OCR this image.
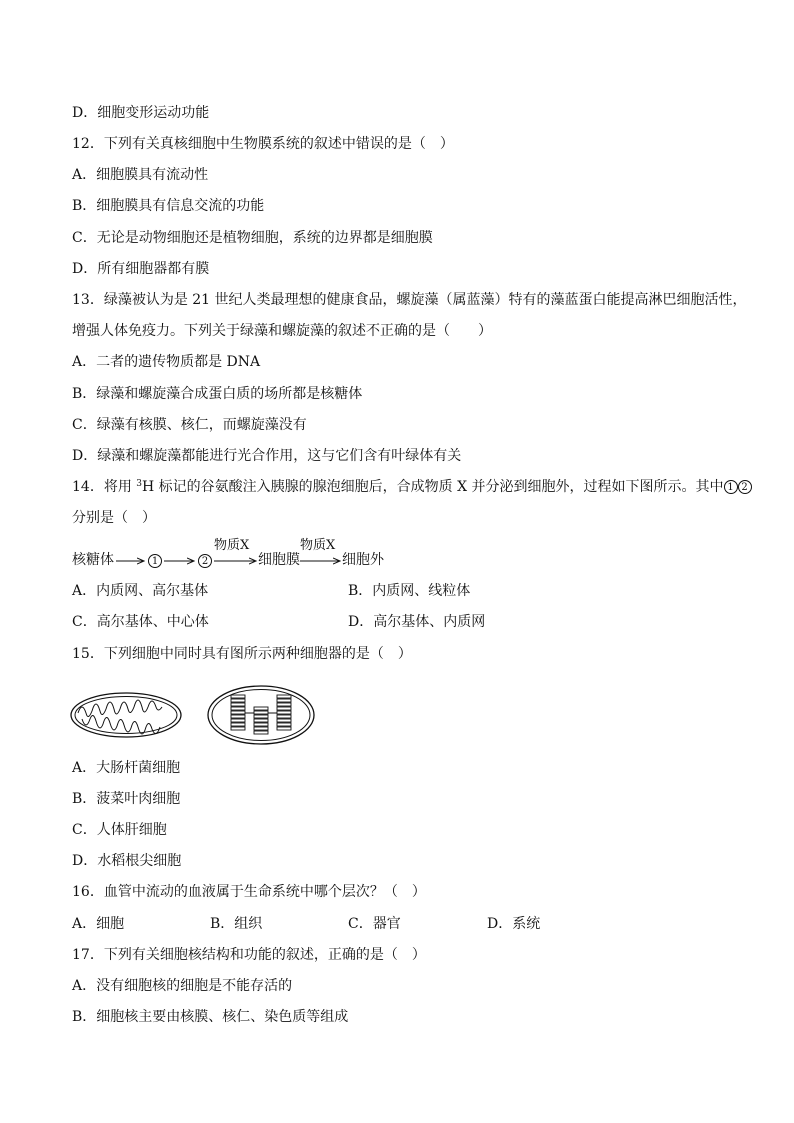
D．细胞变形运动功能
12．下列有关真核细胞中生物膜系统的叙述中错误的是（　）
A．细胞膜具有流动性
B．细胞膜具有信息交流的功能
C．无论是动物细胞还是植物细胞，系统的边界都是细胞膜
D．所有细胞器都有膜
13．绿藻被认为是 21 世纪人类最理想的健康食品，螺旋藻（属蓝藻）特有的藻蓝蛋白能提高淋巴细胞活性，
增强人体免疫力。下列关于绿藻和螺旋藻的叙述不正确的是（　　）
A．二者的遗传物质都是 DNA
B．绿藻和螺旋藻合成蛋白质的场所都是核糖体
C．绿藻有核膜、核仁，而螺旋藻没有
D．绿藻和螺旋藻都能进行光合作用，这与它们含有叶绿体有关
14．将用 $^3$H 标记的谷氨酸注入胰腺的腺泡细胞后，合成物质 X 并分泌到细胞外，过程如下图所示。其中 1 2
分别是（　）
核糖体	1	2
物质X
细胞膜
物质X
细胞外
A．内质网、高尔基体	B．内质网、线粒体
C．高尔基体、中心体	D．高尔基体、内质网
15．下列细胞中同时具有图所示两种细胞器的是（　）
A．大肠杆菌细胞
B．菠菜叶肉细胞
C．人体肝细胞
D．水稻根尖细胞
16．血管中流动的血液属于生命系统中哪个层次？（　）
A．细胞	B．组织	C．器官	D．系统
17．下列有关细胞核结构和功能的叙述，正确的是（　）
A．没有细胞核的细胞是不能存活的
B．细胞核主要由核膜、核仁、染色质等组成
